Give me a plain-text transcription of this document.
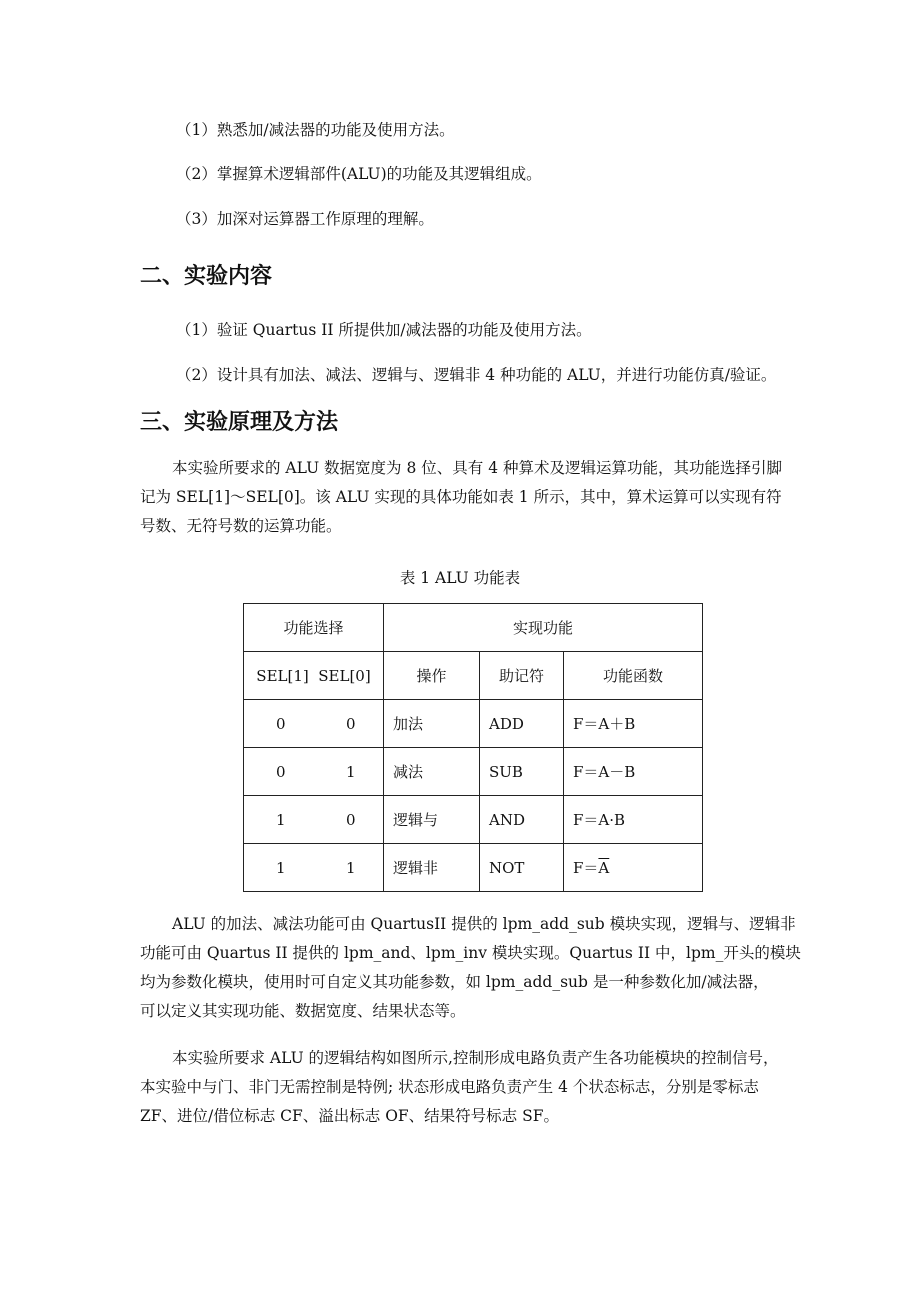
（1）熟悉加/减法器的功能及使用方法。
（2）掌握算术逻辑部件(ALU)的功能及其逻辑组成。
（3）加深对运算器工作原理的理解。
二、实验内容
（1）验证 Quartus II 所提供加/减法器的功能及使用方法。
（2）设计具有加法、减法、逻辑与、逻辑非 4 种功能的 ALU，并进行功能仿真/验证。
三、实验原理及方法
本实验所要求的 ALU 数据宽度为 8 位、具有 4 种算术及逻辑运算功能，其功能选择引脚
记为 SEL[1]～SEL[0]。该 ALU 实现的具体功能如表 1 所示，其中，算术运算可以实现有符
号数、无符号数的运算功能。
表 1 ALU 功能表
功能选择	实现功能		
SEL[1]  SEL[0]	操作	助记符	功能函数

0 0	加法	ADD	F＝A＋B

0 1	减法	SUB	F＝A－B

1 0	逻辑与	AND	F＝A·B

1 1	逻辑非	NOT	$F=\overline{A}$
ALU 的加法、减法功能可由 QuartusII 提供的 lpm_add_sub 模块实现，逻辑与、逻辑非
功能可由 Quartus II 提供的 lpm_and、lpm_inv 模块实现。Quartus II 中，lpm_开头的模块
均为参数化模块，使用时可自定义其功能参数，如 lpm_add_sub 是一种参数化加/减法器，
可以定义其实现功能、数据宽度、结果状态等。
本实验所要求 ALU 的逻辑结构如图所示,控制形成电路负责产生各功能模块的控制信号，
本实验中与门、非门无需控制是特例; 状态形成电路负责产生 4 个状态标志，分别是零标志
ZF、进位/借位标志 CF、溢出标志 OF、结果符号标志 SF。
